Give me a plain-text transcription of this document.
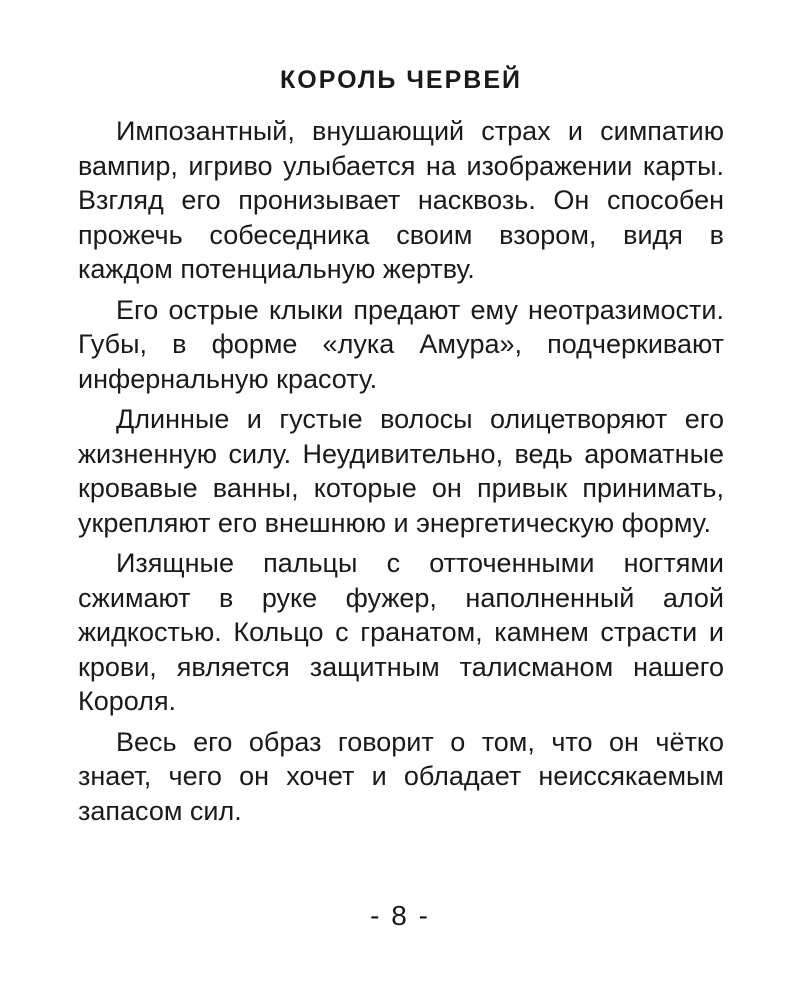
КОРОЛЬ ЧЕРВЕЙ

Импозантный, внушающий страх и симпатию вампир, игриво улыбается на изображении карты. Взгляд его пронизывает насквозь. Он способен прожечь собеседника своим взором, видя в каждом потенциальную жертву.

Его острые клыки предают ему неотразимости. Губы, в форме «лука Амура», подчеркивают инфернальную красоту.

Длинные и густые волосы олицетворяют его жизненную силу. Неудивительно, ведь ароматные кровавые ванны, которые он привык принимать, укрепляют его внешнюю и энергетическую форму.

Изящные пальцы с отточенными ногтями сжимают в руке фужер, наполненный алой жидкостью. Кольцо с гранатом, камнем страсти и крови, является защитным талисманом нашего Короля.

Весь его образ говорит о том, что он чётко знает, чего он хочет и обладает неиссякаемым запасом сил.

- 8 -
